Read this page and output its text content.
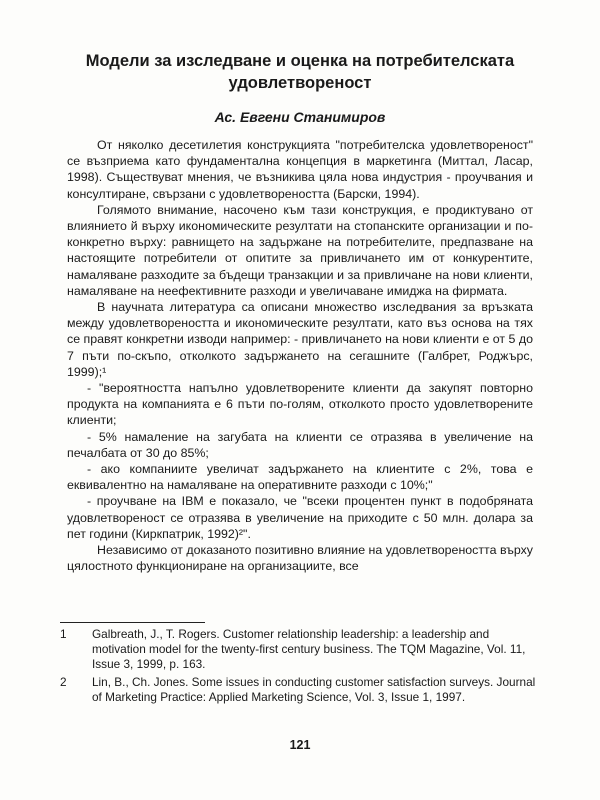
Модели за изследване и оценка на потребителската удовлетвореност
Ас. Евгени Станимиров

От няколко десетилетия конструкцията "потребителска удовлетвореност" се възприема като фундаментална концепция в маркетинга (Миттал, Ласар, 1998). Съществуват мнения, че възникива цяла нова индустрия - проучвания и консултиране, свързани с удовлетвореността (Барски, 1994).

Голямото внимание, насочено към тази конструкция, е продиктувано от влиянието й върху икономическите резултати на стопанските организации и по-конкретно върху: равнището на задържане на потребителите, предпазване на настоящите потребители от опитите за привличането им от конкурентите, намаляване разходите за бъдещи транзакции и за привличане на нови клиенти, намаляване на неефективните разходи и увеличаване имиджа на фирмата.

В научната литература са описани множество изследвания за връзката между удовлетвореността и икономическите резултати, като въз основа на тях се правят конкретни изводи например: - привличането на нови клиенти е от 5 до 7 пъти по-скъпо, отколкото задържането на сегашните (Галбрет, Роджърс, 1999);¹

- "вероятността напълно удовлетворените клиенти да закупят повторно продукта на компанията е 6 пъти по-голям, отколкото простo удовлетворените клиенти;

- 5% намаление на загубата на клиенти се отразява в увеличение на печалбата от 30 до 85%;

- ако компаниите увеличат задържането на клиентите с 2%, това е еквивалентно на намаляване на оперативните разходи с 10%;"

- проучване на IBM е показало, че "всеки процентен пункт в подобряната удовлетвореност се отразява в увеличение на приходите с 50 млн. долара за пет години (Киркпатрик, 1992)²".

Независимо от доказаното позитивно влияние на удовлетвореността върху цялостното функциониране на организациите, все

1	Galbreath, J., T. Rogers. Customer relationship leadership: a leadership and motivation model for the twenty-first century business. The TQM Magazine, Vol. 11, Issue 3, 1999, p. 163.
2	Lin, B., Ch. Jones. Some issues in conducting customer satisfaction surveys. Journal of Marketing Practice: Applied Marketing Science, Vol. 3, Issue 1, 1997.
121
